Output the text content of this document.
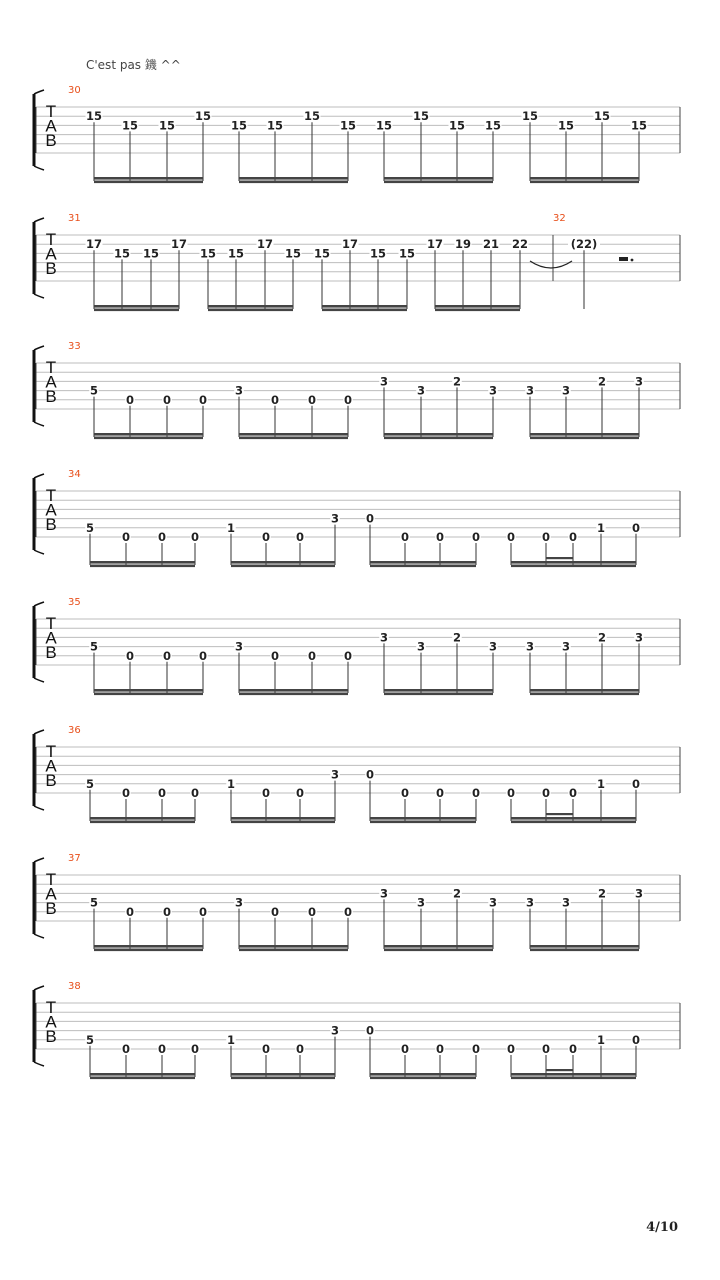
C'est pas 鐖 ^^
T
A
B
30
15
15 15
15
15 15
15
15 15
15
15 15
15
15
15
15
T
A
B
31
17
15 15
17
15 15
17
15 15
17
15 15
17 19 21 22
32
(22)
T
A
B
33
5
0	0 0
3
0	0 0
3
3
2
3	3 3
2	3
T
A
B
34
5
0 0 0
1
0 0
3 0
0 0 0 0 0 0
1 0
T
A
B
35
5
0	0 0
3
0	0 0
3
3
2
3	3 3
2	3
T
A
B
36
5
0 0 0
1
0 0
3 0
0 0 0 0 0 0
1 0
T
A
B
37
5
0	0 0
3
0	0 0
3
3
2
3	3 3
2	3
T
A
B
38
5
0 0 0
1
0 0
3 0
0 0 0 0 0 0
1 0
4/10
